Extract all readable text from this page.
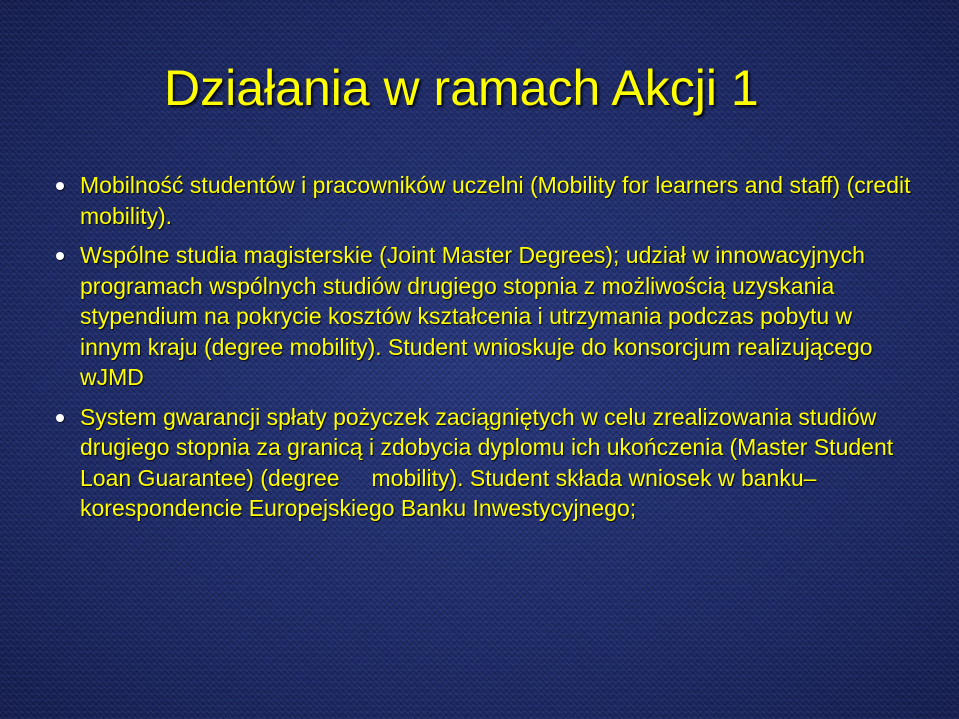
Działania w ramach Akcji 1
Mobilność studentów i pracowników uczelni (Mobility for learners and staff) (credit mobility).
Wspólne studia magisterskie (Joint Master Degrees); udział w innowacyjnych programach wspólnych studiów drugiego stopnia z możliwością uzyskania stypendium na pokrycie kosztów kształcenia i utrzymania podczas pobytu w innym kraju (degree mobility). Student wnioskuje do konsorcjum realizującego wJMD
System gwarancji spłaty pożyczek zaciągniętych w celu zrealizowania studiów drugiego stopnia za granicą i zdobycia dyplomu ich ukończenia (Master Student Loan Guarantee) (degree     mobility). Student składa wniosek w banku– korespondencie Europejskiego Banku Inwestycyjnego;
